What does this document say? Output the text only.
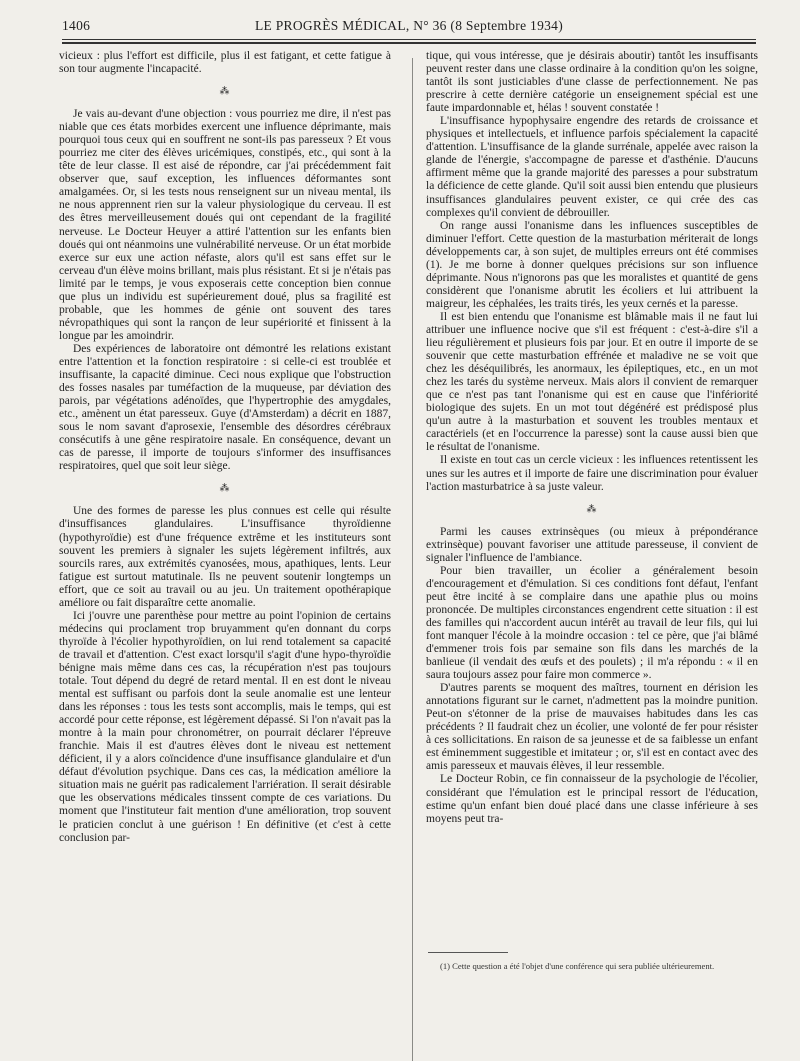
1406	LE PROGRÈS MÉDICAL, N° 36 (8 Septembre 1934)

vicieux : plus l'effort est difficile, plus il est fatigant, et cette fatigue à son tour augmente l'incapacité.

⁂

Je vais au-devant d'une objection : vous pourriez me dire, il n'est pas niable que ces états morbides exercent une influence déprimante, mais pourquoi tous ceux qui en souffrent ne sont-ils pas paresseux ? Et vous pourriez me citer des élèves uricémiques, constipés, etc., qui sont à la tête de leur classe. Il est aisé de répondre, car j'ai précédemment fait observer que, sauf exception, les influences déformantes sont amalgamées. Or, si les tests nous renseignent sur un niveau mental, ils ne nous apprennent rien sur la valeur physiologique du cerveau. Il est des êtres merveilleusement doués qui ont cependant de la fragilité nerveuse. Le Docteur Heuyer a attiré l'attention sur les enfants bien doués qui ont néanmoins une vulnérabilité nerveuse. Or un état morbide exerce sur eux une action néfaste, alors qu'il est sans effet sur le cerveau d'un élève moins brillant, mais plus résistant. Et si je n'étais pas limité par le temps, je vous exposerais cette conception bien connue que plus un individu est supérieurement doué, plus sa fragilité est probable, que les hommes de génie ont souvent des tares névropathiques qui sont la rançon de leur supériorité et finissent à la longue par les amoindrir.

Des expériences de laboratoire ont démontré les relations existant entre l'attention et la fonction respiratoire : si celle-ci est troublée et insuffisante, la capacité diminue. Ceci nous explique que l'obstruction des fosses nasales par tuméfaction de la muqueuse, par déviation des parois, par végétations adénoïdes, que l'hypertrophie des amygdales, etc., amènent un état paresseux. Guye (d'Amsterdam) a décrit en 1887, sous le nom savant d'aprosexie, l'ensemble des désordres cérébraux consécutifs à une gêne respiratoire nasale. En conséquence, devant un cas de paresse, il importe de toujours s'informer des insuffisances respiratoires, quel que soit leur siège.

⁂

Une des formes de paresse les plus connues est celle qui résulte d'insuffisances glandulaires. L'insuffisance thyroïdienne (hypothyroïdie) est d'une fréquence extrême et les instituteurs sont souvent les premiers à signaler les sujets légèrement infiltrés, aux sourcils rares, aux extrémités cyanosées, mous, apathiques, lents. Leur fatigue est surtout matutinale. Ils ne peuvent soutenir longtemps un effort, que ce soit au travail ou au jeu. Un traitement opothérapique améliore ou fait disparaître cette anomalie.

Ici j'ouvre une parenthèse pour mettre au point l'opinion de certains médecins qui proclament trop bruyamment qu'en donnant du corps thyroïde à l'écolier hypothyroïdien, on lui rend totalement sa capacité de travail et d'attention. C'est exact lorsqu'il s'agit d'une hypo-thyroïdie bénigne mais même dans ces cas, la récupération n'est pas toujours totale. Tout dépend du degré de retard mental. Il en est dont le niveau mental est suffisant ou parfois dont la seule anomalie est une lenteur dans les réponses : tous les tests sont accomplis, mais le temps, qui est accordé pour cette réponse, est légèrement dépassé. Si l'on n'avait pas la montre à la main pour chronométrer, on pourrait déclarer l'épreuve franchie. Mais il est d'autres élèves dont le niveau est nettement déficient, il y a alors coïncidence d'une insuffisance glandulaire et d'un défaut d'évolution psychique. Dans ces cas, la médication améliore la situation mais ne guérit pas radicalement l'arriération. Il serait désirable que les observations médicales tinssent compte de ces variations. Du moment que l'instituteur fait mention d'une amélioration, trop souvent le praticien conclut à une guérison ! En définitive (et c'est à cette conclusion par-

tique, qui vous intéresse, que je désirais aboutir) tantôt les insuffisants peuvent rester dans une classe ordinaire à la condition qu'on les soigne, tantôt ils sont justiciables d'une classe de perfectionnement. Ne pas prescrire à cette dernière catégorie un enseignement spécial est une faute impardonnable et, hélas ! souvent constatée !

L'insuffisance hypophysaire engendre des retards de croissance et physiques et intellectuels, et influence parfois spécialement la capacité d'attention. L'insuffisance de la glande surrénale, appelée avec raison la glande de l'énergie, s'accompagne de paresse et d'asthénie. D'aucuns affirment même que la grande majorité des paresses a pour substratum la déficience de cette glande. Qu'il soit aussi bien entendu que plusieurs insuffisances glandulaires peuvent exister, ce qui crée des cas complexes qu'il convient de débrouiller.

On range aussi l'onanisme dans les influences susceptibles de diminuer l'effort. Cette question de la masturbation mériterait de longs développements car, à son sujet, de multiples erreurs ont été commises (1). Je me borne à donner quelques précisions sur son influence déprimante. Nous n'ignorons pas que les moralistes et quantité de gens considèrent que l'onanisme abrutit les écoliers et lui attribuent la maigreur, les céphalées, les traits tirés, les yeux cernés et la paresse.

Il est bien entendu que l'onanisme est blâmable mais il ne faut lui attribuer une influence nocive que s'il est fréquent : c'est-à-dire s'il a lieu régulièrement et plusieurs fois par jour. Et en outre il importe de se souvenir que cette masturbation effrénée et maladive ne se voit que chez les déséquilibrés, les anormaux, les épileptiques, etc., en un mot chez les tarés du système nerveux. Mais alors il convient de remarquer que ce n'est pas tant l'onanisme qui est en cause que l'infériorité biologique des sujets. En un mot tout dégénéré est prédisposé plus qu'un autre à la masturbation et souvent les troubles mentaux et caractériels (et en l'occurrence la paresse) sont la cause aussi bien que le résultat de l'onanisme.

Il existe en tout cas un cercle vicieux : les influences retentissent les unes sur les autres et il importe de faire une discrimination pour évaluer l'action masturbatrice à sa juste valeur.

⁂

Parmi les causes extrinsèques (ou mieux à prépondérance extrinsèque) pouvant favoriser une attitude paresseuse, il convient de signaler l'influence de l'ambiance.

Pour bien travailler, un écolier a généralement besoin d'encouragement et d'émulation. Si ces conditions font défaut, l'enfant peut être incité à se complaire dans une apathie plus ou moins prononcée. De multiples circonstances engendrent cette situation : il est des familles qui n'accordent aucun intérêt au travail de leur fils, qui lui font manquer l'école à la moindre occasion : tel ce père, que j'ai blâmé d'emmener trois fois par semaine son fils dans les marchés de la banlieue (il vendait des œufs et des poulets) ; il m'a répondu : « il en saura toujours assez pour faire mon commerce ».

D'autres parents se moquent des maîtres, tournent en dérision les annotations figurant sur le carnet, n'admettent pas la moindre punition. Peut-on s'étonner de la prise de mauvaises habitudes dans les cas précédents ? Il faudrait chez un écolier, une volonté de fer pour résister à ces sollicitations. En raison de sa jeunesse et de sa faiblesse un enfant est éminemment suggestible et imitateur ; or, s'il est en contact avec des amis paresseux et mauvais élèves, il leur ressemble.

Le Docteur Robin, ce fin connaisseur de la psychologie de l'écolier, considérant que l'émulation est le principal ressort de l'éducation, estime qu'un enfant bien doué placé dans une classe inférieure à ses moyens peut tra-

(1) Cette question a été l'objet d'une conférence qui sera publiée ultérieurement.
